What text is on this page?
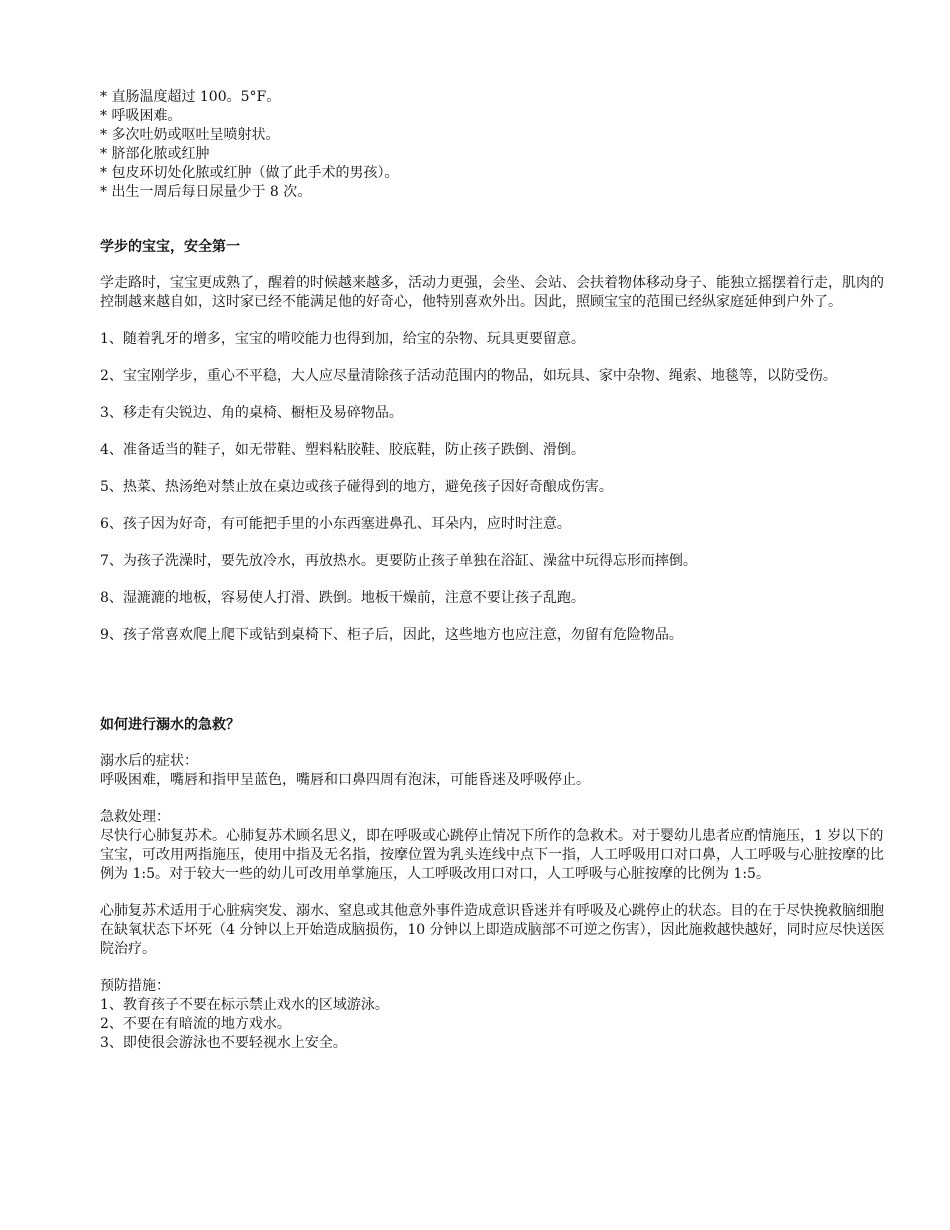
* 直肠温度超过 100。5°F。

* 呼吸困难。

* 多次吐奶或呕吐呈喷射状。

* 脐部化脓或红肿

* 包皮环切处化脓或红肿（做了此手术的男孩）。

* 出生一周后每日尿量少于 8 次。

学步的宝宝，安全第一

学走路时，宝宝更成熟了，醒着的时候越来越多，活动力更强，会坐、会站、会扶着物体移动身子、能独立摇摆着行走，肌肉的控制越来越自如，这时家已经不能满足他的好奇心，他特别喜欢外出。因此，照顾宝宝的范围已经纵家庭延伸到户外了。

1、随着乳牙的增多，宝宝的啃咬能力也得到加，给宝的杂物、玩具更要留意。

2、宝宝刚学步，重心不平稳，大人应尽量清除孩子活动范围内的物品，如玩具、家中杂物、绳索、地毯等，以防受伤。

3、移走有尖锐边、角的桌椅、橱柜及易碎物品。

4、准备适当的鞋子，如无带鞋、塑料粘胶鞋、胶底鞋，防止孩子跌倒、滑倒。

5、热菜、热汤绝对禁止放在桌边或孩子碰得到的地方，避免孩子因好奇酿成伤害。

6、孩子因为好奇，有可能把手里的小东西塞进鼻孔、耳朵内，应时时注意。

7、为孩子洗澡时，要先放冷水，再放热水。更要防止孩子单独在浴缸、澡盆中玩得忘形而摔倒。

8、湿漉漉的地板，容易使人打滑、跌倒。地板干燥前，注意不要让孩子乱跑。

9、孩子常喜欢爬上爬下或钻到桌椅下、柜子后，因此，这些地方也应注意，勿留有危险物品。

如何进行溺水的急救？

溺水后的症状：

呼吸困难，嘴唇和指甲呈蓝色，嘴唇和口鼻四周有泡沫，可能昏迷及呼吸停止。

急救处理：

尽快行心肺复苏术。心肺复苏术顾名思义，即在呼吸或心跳停止情况下所作的急救术。对于婴幼儿患者应酌情施压，1 岁以下的宝宝，可改用两指施压，使用中指及无名指，按摩位置为乳头连线中点下一指，人工呼吸用口对口鼻，人工呼吸与心脏按摩的比例为 1:5。对于较大一些的幼儿可改用单掌施压，人工呼吸改用口对口，人工呼吸与心脏按摩的比例为 1:5。

心肺复苏术适用于心脏病突发、溺水、窒息或其他意外事件造成意识昏迷并有呼吸及心跳停止的状态。目的在于尽快挽救脑细胞在缺氧状态下坏死（4 分钟以上开始造成脑损伤，10 分钟以上即造成脑部不可逆之伤害），因此施救越快越好，同时应尽快送医院治疗。

预防措施：

1、教育孩子不要在标示禁止戏水的区域游泳。

2、不要在有暗流的地方戏水。

3、即使很会游泳也不要轻视水上安全。
